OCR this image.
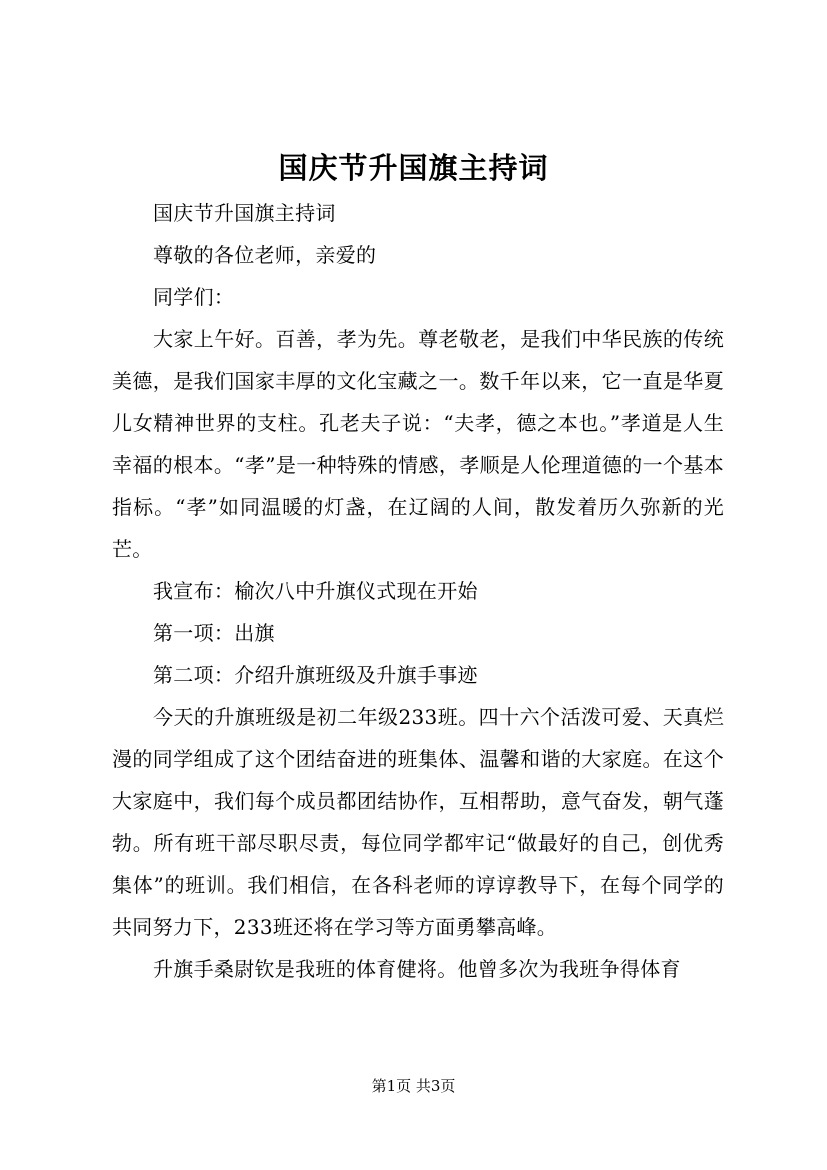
国庆节升国旗主持词

国庆节升国旗主持词

尊敬的各位老师，亲爱的

同学们：

大家上午好。百善，孝为先。尊老敬老，是我们中华民族的传统美德，是我们国家丰厚的文化宝藏之一。数千年以来，它一直是华夏儿女精神世界的支柱。孔老夫子说：“夫孝，德之本也。”孝道是人生幸福的根本。“孝”是一种特殊的情感，孝顺是人伦理道德的一个基本指标。“孝”如同温暖的灯盏，在辽阔的人间，散发着历久弥新的光芒。

我宣布：榆次八中升旗仪式现在开始

第一项：出旗

第二项：介绍升旗班级及升旗手事迹

今天的升旗班级是初二年级233班。四十六个活泼可爱、天真烂漫的同学组成了这个团结奋进的班集体、温馨和谐的大家庭。在这个大家庭中，我们每个成员都团结协作，互相帮助，意气奋发，朝气蓬勃。所有班干部尽职尽责，每位同学都牢记“做最好的自己，创优秀集体”的班训。我们相信，在各科老师的谆谆教导下，在每个同学的共同努力下，233班还将在学习等方面勇攀高峰。

升旗手桑尉钦是我班的体育健将。他曾多次为我班争得体育

第1页 共3页
